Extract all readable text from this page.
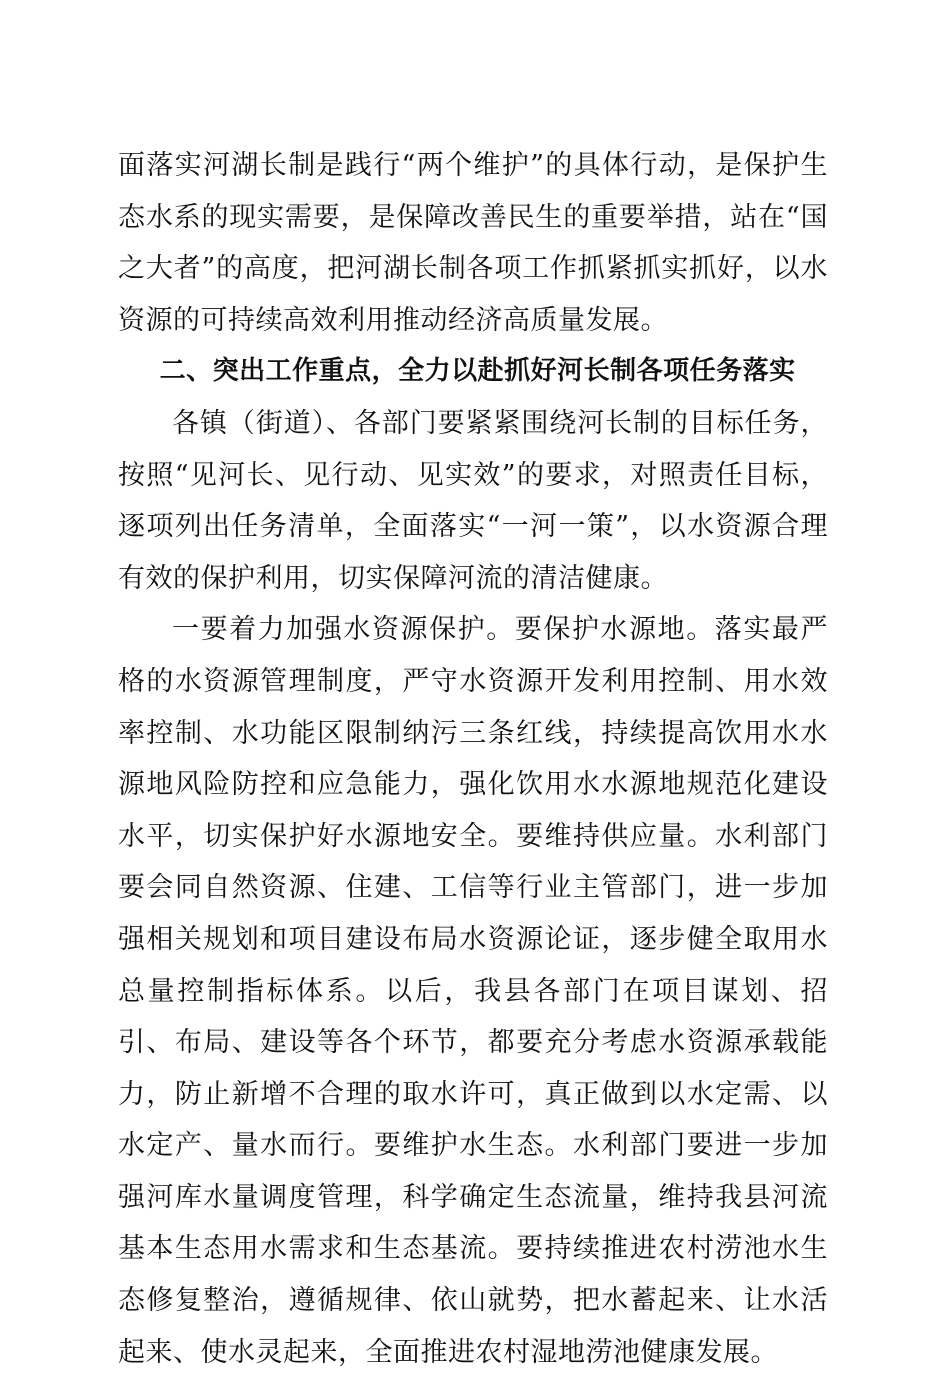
面落实河湖长制是践行“两个维护”的具体行动，是保护生态水系的现实需要，是保障改善民生的重要举措，站在“国之大者”的高度，把河湖长制各项工作抓紧抓实抓好，以水资源的可持续高效利用推动经济高质量发展。

二、突出工作重点，全力以赴抓好河长制各项任务落实

各镇（街道）、各部门要紧紧围绕河长制的目标任务，按照“见河长、见行动、见实效”的要求，对照责任目标，逐项列出任务清单，全面落实“一河一策”，以水资源合理有效的保护利用，切实保障河流的清洁健康。

一要着力加强水资源保护。要保护水源地。落实最严格的水资源管理制度，严守水资源开发利用控制、用水效率控制、水功能区限制纳污三条红线，持续提高饮用水水源地风险防控和应急能力，强化饮用水水源地规范化建设水平，切实保护好水源地安全。要维持供应量。水利部门要会同自然资源、住建、工信等行业主管部门，进一步加强相关规划和项目建设布局水资源论证，逐步健全取用水总量控制指标体系。以后，我县各部门在项目谋划、招引、布局、建设等各个环节，都要充分考虑水资源承载能力，防止新增不合理的取水许可，真正做到以水定需、以水定产、量水而行。要维护水生态。水利部门要进一步加强河库水量调度管理，科学确定生态流量，维持我县河流基本生态用水需求和生态基流。要持续推进农村涝池水生态修复整治，遵循规律、依山就势，把水蓄起来、让水活起来、使水灵起来，全面推进农村湿地涝池健康发展。
